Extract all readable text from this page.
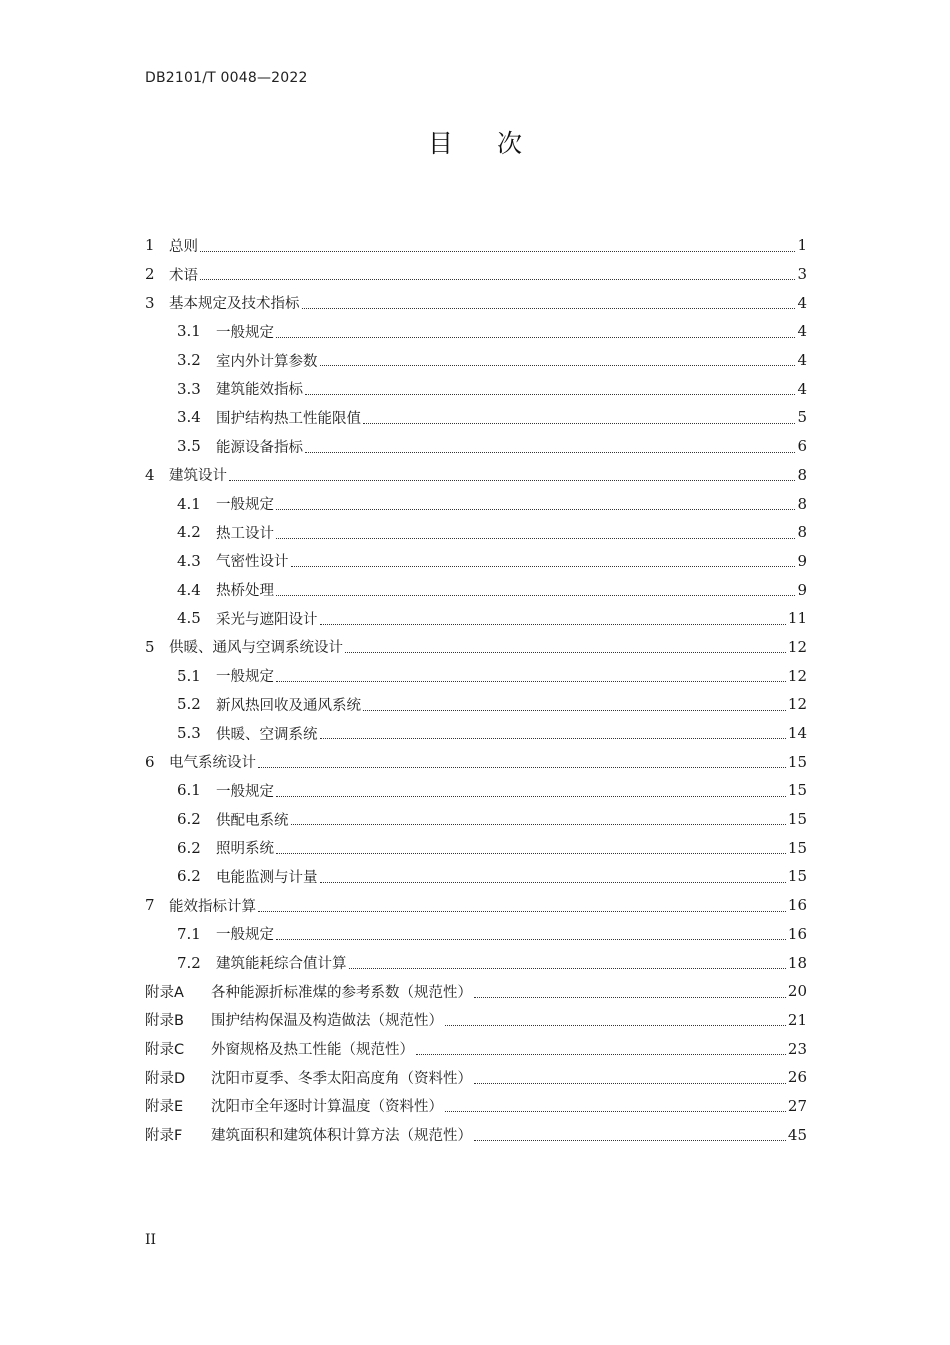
DB2101/T 0048—2022
目次
1 总则	1
2 术语	3
3 基本规定及技术指标	4
3.1	一般规定	4
3.2	室内外计算参数	4
3.3	建筑能效指标	4
3.4	围护结构热工性能限值	5
3.5	能源设备指标	6
4 建筑设计	8
4.1	一般规定	8
4.2	热工设计	8
4.3	气密性设计	9
4.4	热桥处理	9
4.5	采光与遮阳设计	11
5 供暖、通风与空调系统设计	12
5.1	一般规定	12
5.2	新风热回收及通风系统	12
5.3	供暖、空调系统	14
6 电气系统设计	15
6.1	一般规定	15
6.2	供配电系统	15
6.2	照明系统	15
6.2	电能监测与计量	15
7 能效指标计算	16
7.1	一般规定	16
7.2	建筑能耗综合值计算	18
附录A	各种能源折标准煤的参考系数（规范性）	20
附录B	围护结构保温及构造做法（规范性）	21
附录C	外窗规格及热工性能（规范性）	23
附录D	沈阳市夏季、冬季太阳高度角（资料性）	26
附录E	沈阳市全年逐时计算温度（资料性）	27
附录F	建筑面积和建筑体积计算方法（规范性）	45
II
